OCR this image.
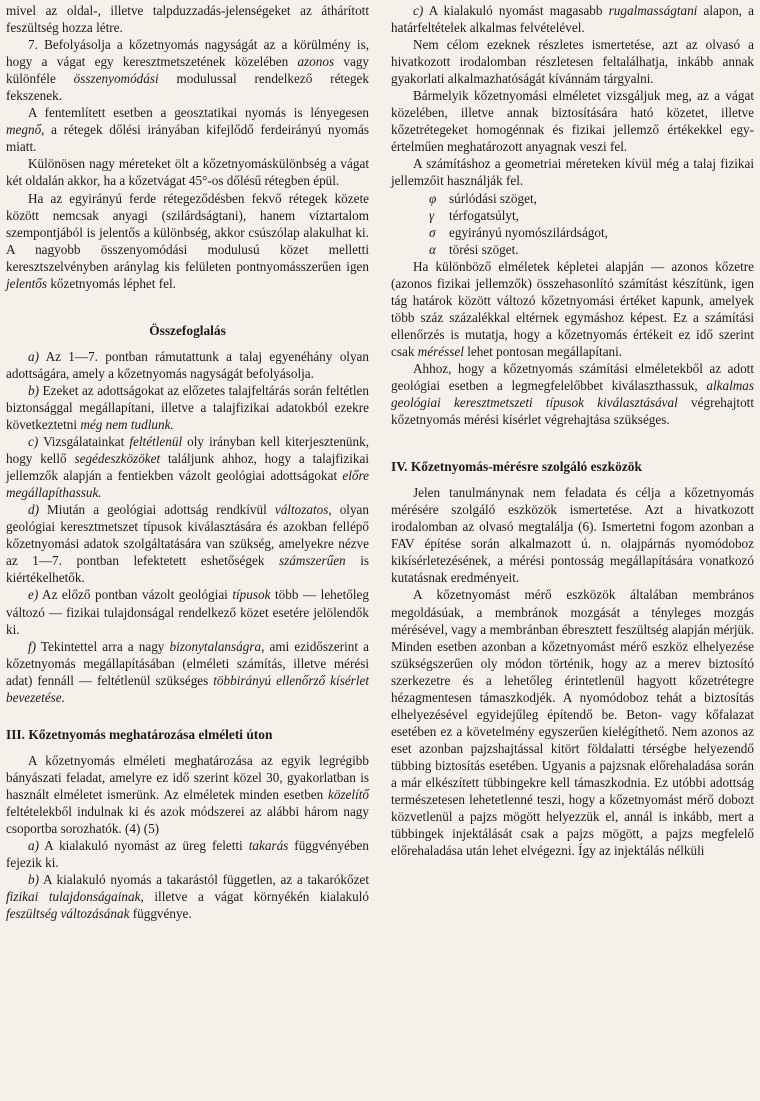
mivel az oldal-, illetve talpduzzadás-jelenségeket az áthárított feszültség hozza létre.

7. Befolyásolja a kőzetnyomás nagyságát az a körülmény is, hogy a vágat egy keresztmetszetének közelében azonos vagy különféle összenyomódási modulussal rendelkező rétegek fekszenek.

A fentemlített esetben a geosztatikai nyomás is lényegesen megnő, a rétegek dőlési irányában kifejlődő ferdeirányú nyomás miatt.

Különösen nagy méreteket ölt a kőzetnyomáskülönbség a vágat két oldalán akkor, ha a kőzetvágat 45°-os dőlésű rétegben épül.

Ha az egyirányú ferde rétegeződésben fekvő rétegek közete között nemcsak anyagi (szilárdságtani), hanem víztartalom szempontjából is jelentős a különbség, akkor csúszólap alakulhat ki. A nagyobb összenyomódási modulusú közet melletti keresztszelvényben aránylag kis felületen pontnyomásszerűen igen jelentős kőzetnyomás léphet fel.

Összefoglalás

a) Az 1—7. pontban rámutattunk a talaj egyenéhány olyan adottságára, amely a kőzetnyomás nagyságát befolyásolja.

b) Ezeket az adottságokat az előzetes talajfeltárás során feltétlen biztonsággal megállapítani, illetve a talajfizikai adatokból ezekre következtetni még nem tudlunk.

c) Vizsgálatainkat feltétlenül oly irányban kell kiterjesztenünk, hogy kellő segédeszközöket találjunk ahhoz, hogy a talajfizikai jellemzők alapján a fentiekben vázolt geológiai adottságokat előre megállapíthassuk.

d) Miután a geológiai adottság rendkívül változatos, olyan geológiai keresztmetszet típusok kiválasztására és azokban fellépő kőzetnyomási adatok szolgáltatására van szükség, amelyekre nézve az 1—7. pontban lefektetett eshetőségek számszerűen is kiértékelhetők.

e) Az előző pontban vázolt geológiai típusok több — lehetőleg változó — fizikai tulajdonságal rendelkező közet esetére jelölendők ki.

f) Tekintettel arra a nagy bizonytalanságra, ami ezidőszerint a kőzetnyomás megállapításában (elméleti számítás, illetve mérési adat) fennáll — feltétlenül szükséges többirányú ellenőrző kísérlet bevezetése.

III. Kőzetnyomás meghatározása elméleti úton

A kőzetnyomás elméleti meghatározása az egyik legrégibb bányászati feladat, amelyre ez idő szerint közel 30, gyakorlatban is használt elméletet ismerünk. Az elméletek minden esetben közelítő feltételekből indulnak ki és azok módszerei az alábbi három nagy csoportba sorozhatók. (4) (5)

a) A kialakuló nyomást az üreg feletti takarás függvényében fejezik ki.

b) A kialakuló nyomás a takarástól független, az a takarókőzet fizikai tulajdonságainak, illetve a vágat környékén kialakuló feszültség változásának függvénye.

c) A kialakuló nyomást magasabb rugalmasságtani alapon, a határfeltételek alkalmas felvételével.

Nem célom ezeknek részletes ismertetése, azt az olvasó a hivatkozott irodalomban részletesen feltalálhatja, inkább annak gyakorlati alkalmazhatóságát kívánnám tárgyalni.

Bármelyik kőzetnyomási elméletet vizsgáljuk meg, az a vágat közelében, illetve annak biztosítására ható közetet, illetve kőzetrétegeket homogénnak és fizikai jellemző értékekkel egyértelműen meghatározott anyagnak veszi fel.

A számításhoz a geometriai méreteken kívül még a talaj fizikai jellemzőit használják fel.

φ súrlódási szöget,
γ térfogatsúlyt,
σ egyirányú nyomószilárdságot,
α törési szöget.

Ha különböző elméletek képletei alapján — azonos kőzetre (azonos fizikai jellemzők) összehasonlító számítást készítünk, igen tág határok között változó kőzetnyomási értéket kapunk, amelyek több száz százalékkal eltérnek egymáshoz képest. Ez a számítási ellenőrzés is mutatja, hogy a kőzetnyomás értékeit ez idő szerint csak méréssel lehet pontosan megállapítani.

Ahhoz, hogy a kőzetnyomás számítási elméletekből az adott geológiai esetben a legmegfelelőbbet kiválaszthassuk, alkalmas geológiai keresztmetszeti típusok kiválasztásával végrehajtott kőzetnyomás mérési kísérlet végrehajtása szükséges.

IV. Kőzetnyomás-mérésre szolgáló eszközök

Jelen tanulmánynak nem feladata és célja a kőzetnyomás mérésére szolgáló eszközök ismertetése. Azt a hivatkozott irodalomban az olvasó megtalálja (6). Ismertetni fogom azonban a FAV építése során alkalmazott ú. n. olajpárnás nyomódoboz kikísérletezésének, a mérési pontosság megállapítására vonatkozó kutatásnak eredményeit.

A kőzetnyomást mérő eszközök általában membrános megoldásúak, a membránok mozgását a tényleges mozgás mérésével, vagy a membránban ébresztett feszültség alapján mérjük. Minden esetben azonban a kőzetnyomást mérő eszköz elhelyezése szükségszerűen oly módon történik, hogy az a merev biztosító szerkezetre és a lehetőleg érintetlenül hagyott kőzetrétegre hézagmentesen támaszkodjék. A nyomódoboz tehát a biztosítás elhelyezésével egyidejűleg építendő be. Beton- vagy kőfalazat esetében ez a követelmény egyszerűen kielégíthető. Nem azonos az eset azonban pajzshajtással kitört földalatti térségbe helyezendő tübbing biztosítás esetében. Ugyanis a pajzsnak előrehaladása során a már elkészített tübbingekre kell támaszkodnia. Ez utóbbi adottság természetesen lehetetlenné teszi, hogy a kőzetnyomást mérő dobozt közvetlenül a pajzs mögött helyezzük el, annál is inkább, mert a tübbingek injektálását csak a pajzs mögött, a pajzs megfelelő előrehaladása után lehet elvégezni. Így az injektálás nélküli
